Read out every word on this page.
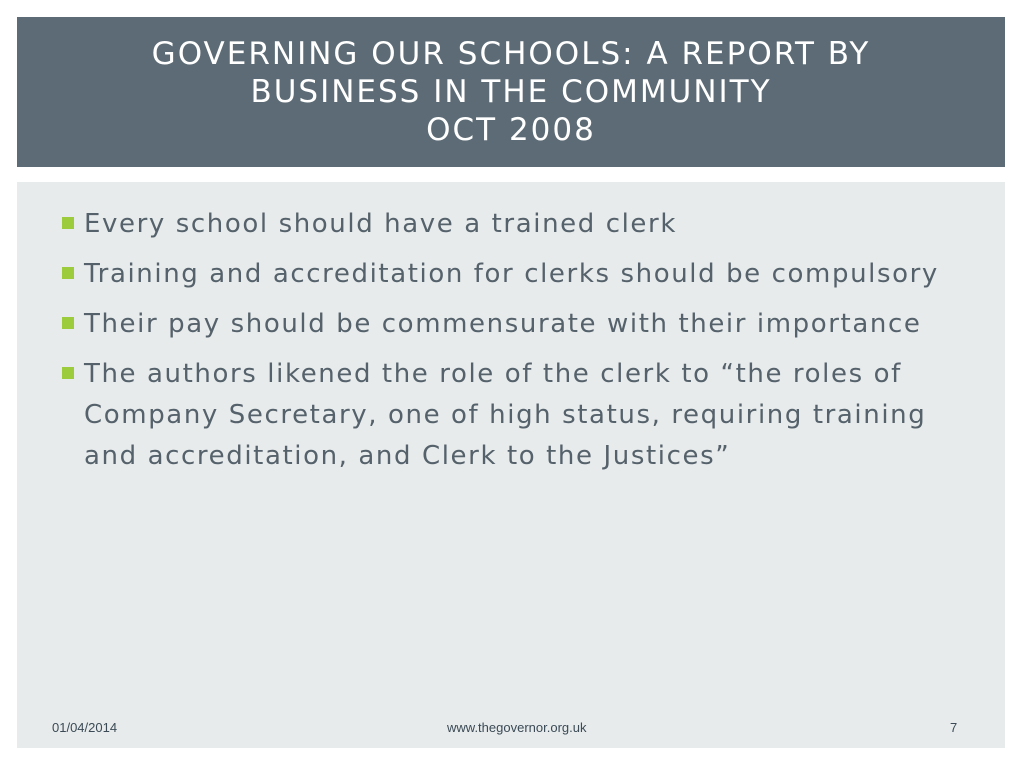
GOVERNING OUR SCHOOLS: A REPORT BY
BUSINESS IN THE COMMUNITY
OCT 2008
Every school should have a trained clerk
Training and accreditation for clerks should be compulsory
Their pay should be commensurate with their importance
The authors likened the role of the clerk to “the roles of Company Secretary, one of high status, requiring training and accreditation, and Clerk to the Justices”
01/04/2014	www.thegovernor.org.uk	7
